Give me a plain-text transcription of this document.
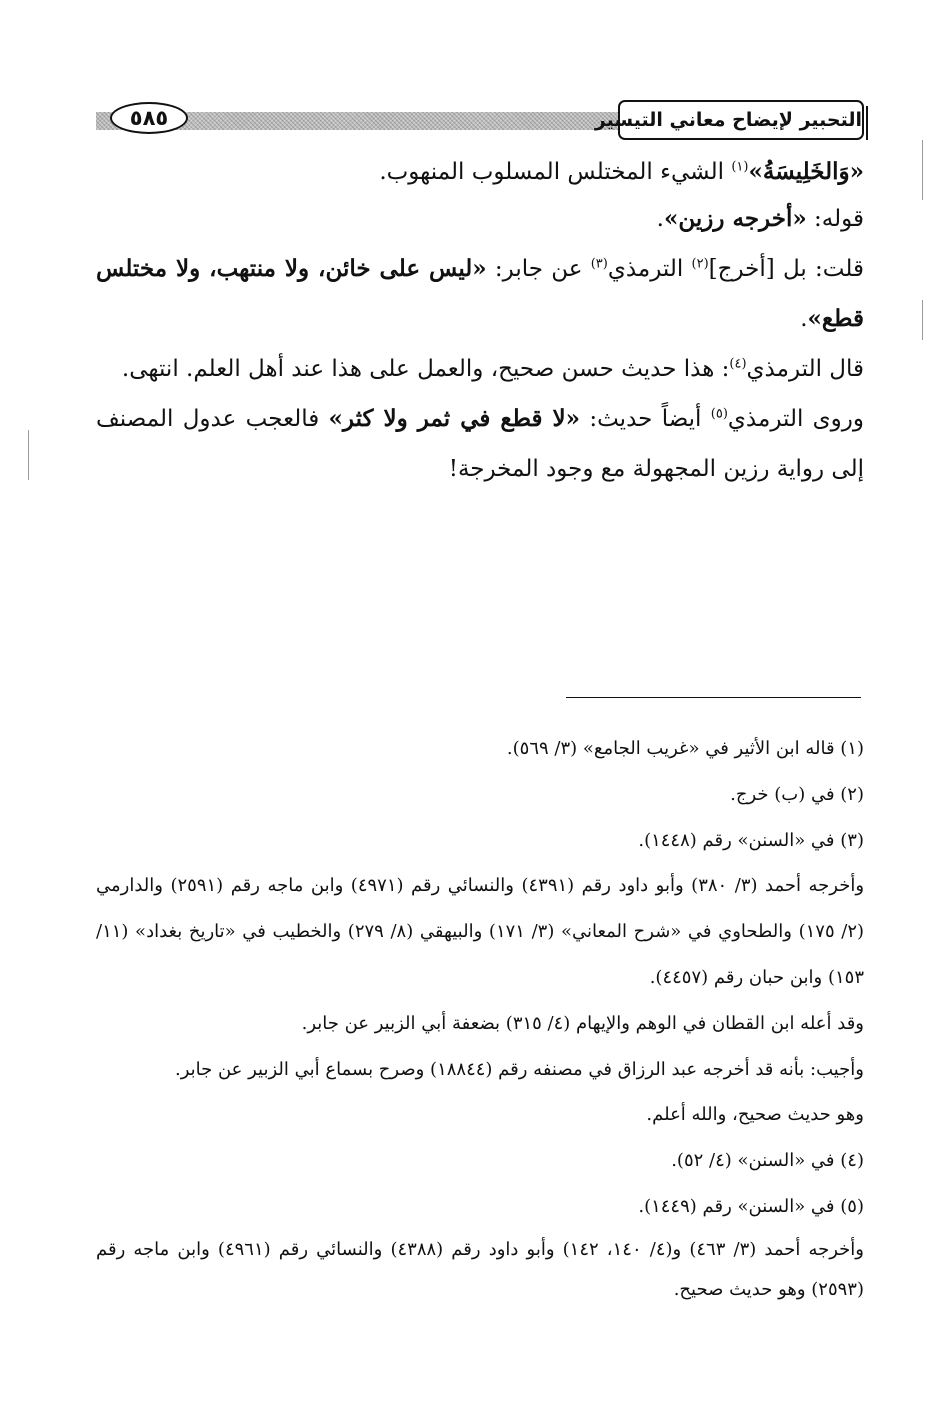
٥٨٥	التحبير لإيضاح معاني التيسير

«وَالخَلِيسَةُ»$^{(١)}$ الشيء المختلس المسلوب المنهوب.

قوله: «أخرجه رزين».

قلت: بل [أخرج]$^{(٢)}$ الترمذي$^{(٣)}$ عن جابر: «ليس على خائن، ولا منتهب، ولا مختلس قطع».

قال الترمذي$^{(٤)}$: هذا حديث حسن صحيح، والعمل على هذا عند أهل العلم. انتهى.

وروى الترمذي$^{(٥)}$ أيضاً حديث: «لا قطع في ثمر ولا كثر» فالعجب عدول المصنف إلى رواية رزين المجهولة مع وجود المخرجة!

(١) قاله ابن الأثير في «غريب الجامع» (٣/ ٥٦٩).

(٢) في (ب) خرج.

(٣) في «السنن» رقم (١٤٤٨).

وأخرجه أحمد (٣/ ٣٨٠) وأبو داود رقم (٤٣٩١) والنسائي رقم (٤٩٧١) وابن ماجه رقم (٢٥٩١) والدارمي (٢/ ١٧٥) والطحاوي في «شرح المعاني» (٣/ ١٧١) والبيهقي (٨/ ٢٧٩) والخطيب في «تاريخ بغداد» (١١/ ١٥٣) وابن حبان رقم (٤٤٥٧).

وقد أعله ابن القطان في الوهم والإيهام (٤/ ٣١٥) بضعفة أبي الزبير عن جابر.

وأجيب: بأنه قد أخرجه عبد الرزاق في مصنفه رقم (١٨٨٤٤) وصرح بسماع أبي الزبير عن جابر.

وهو حديث صحيح، والله أعلم.

(٤) في «السنن» (٤/ ٥٢).

(٥) في «السنن» رقم (١٤٤٩).

وأخرجه أحمد (٣/ ٤٦٣) و(٤/ ١٤٠، ١٤٢) وأبو داود رقم (٤٣٨٨) والنسائي رقم (٤٩٦١) وابن ماجه رقم (٢٥٩٣) وهو حديث صحيح.
